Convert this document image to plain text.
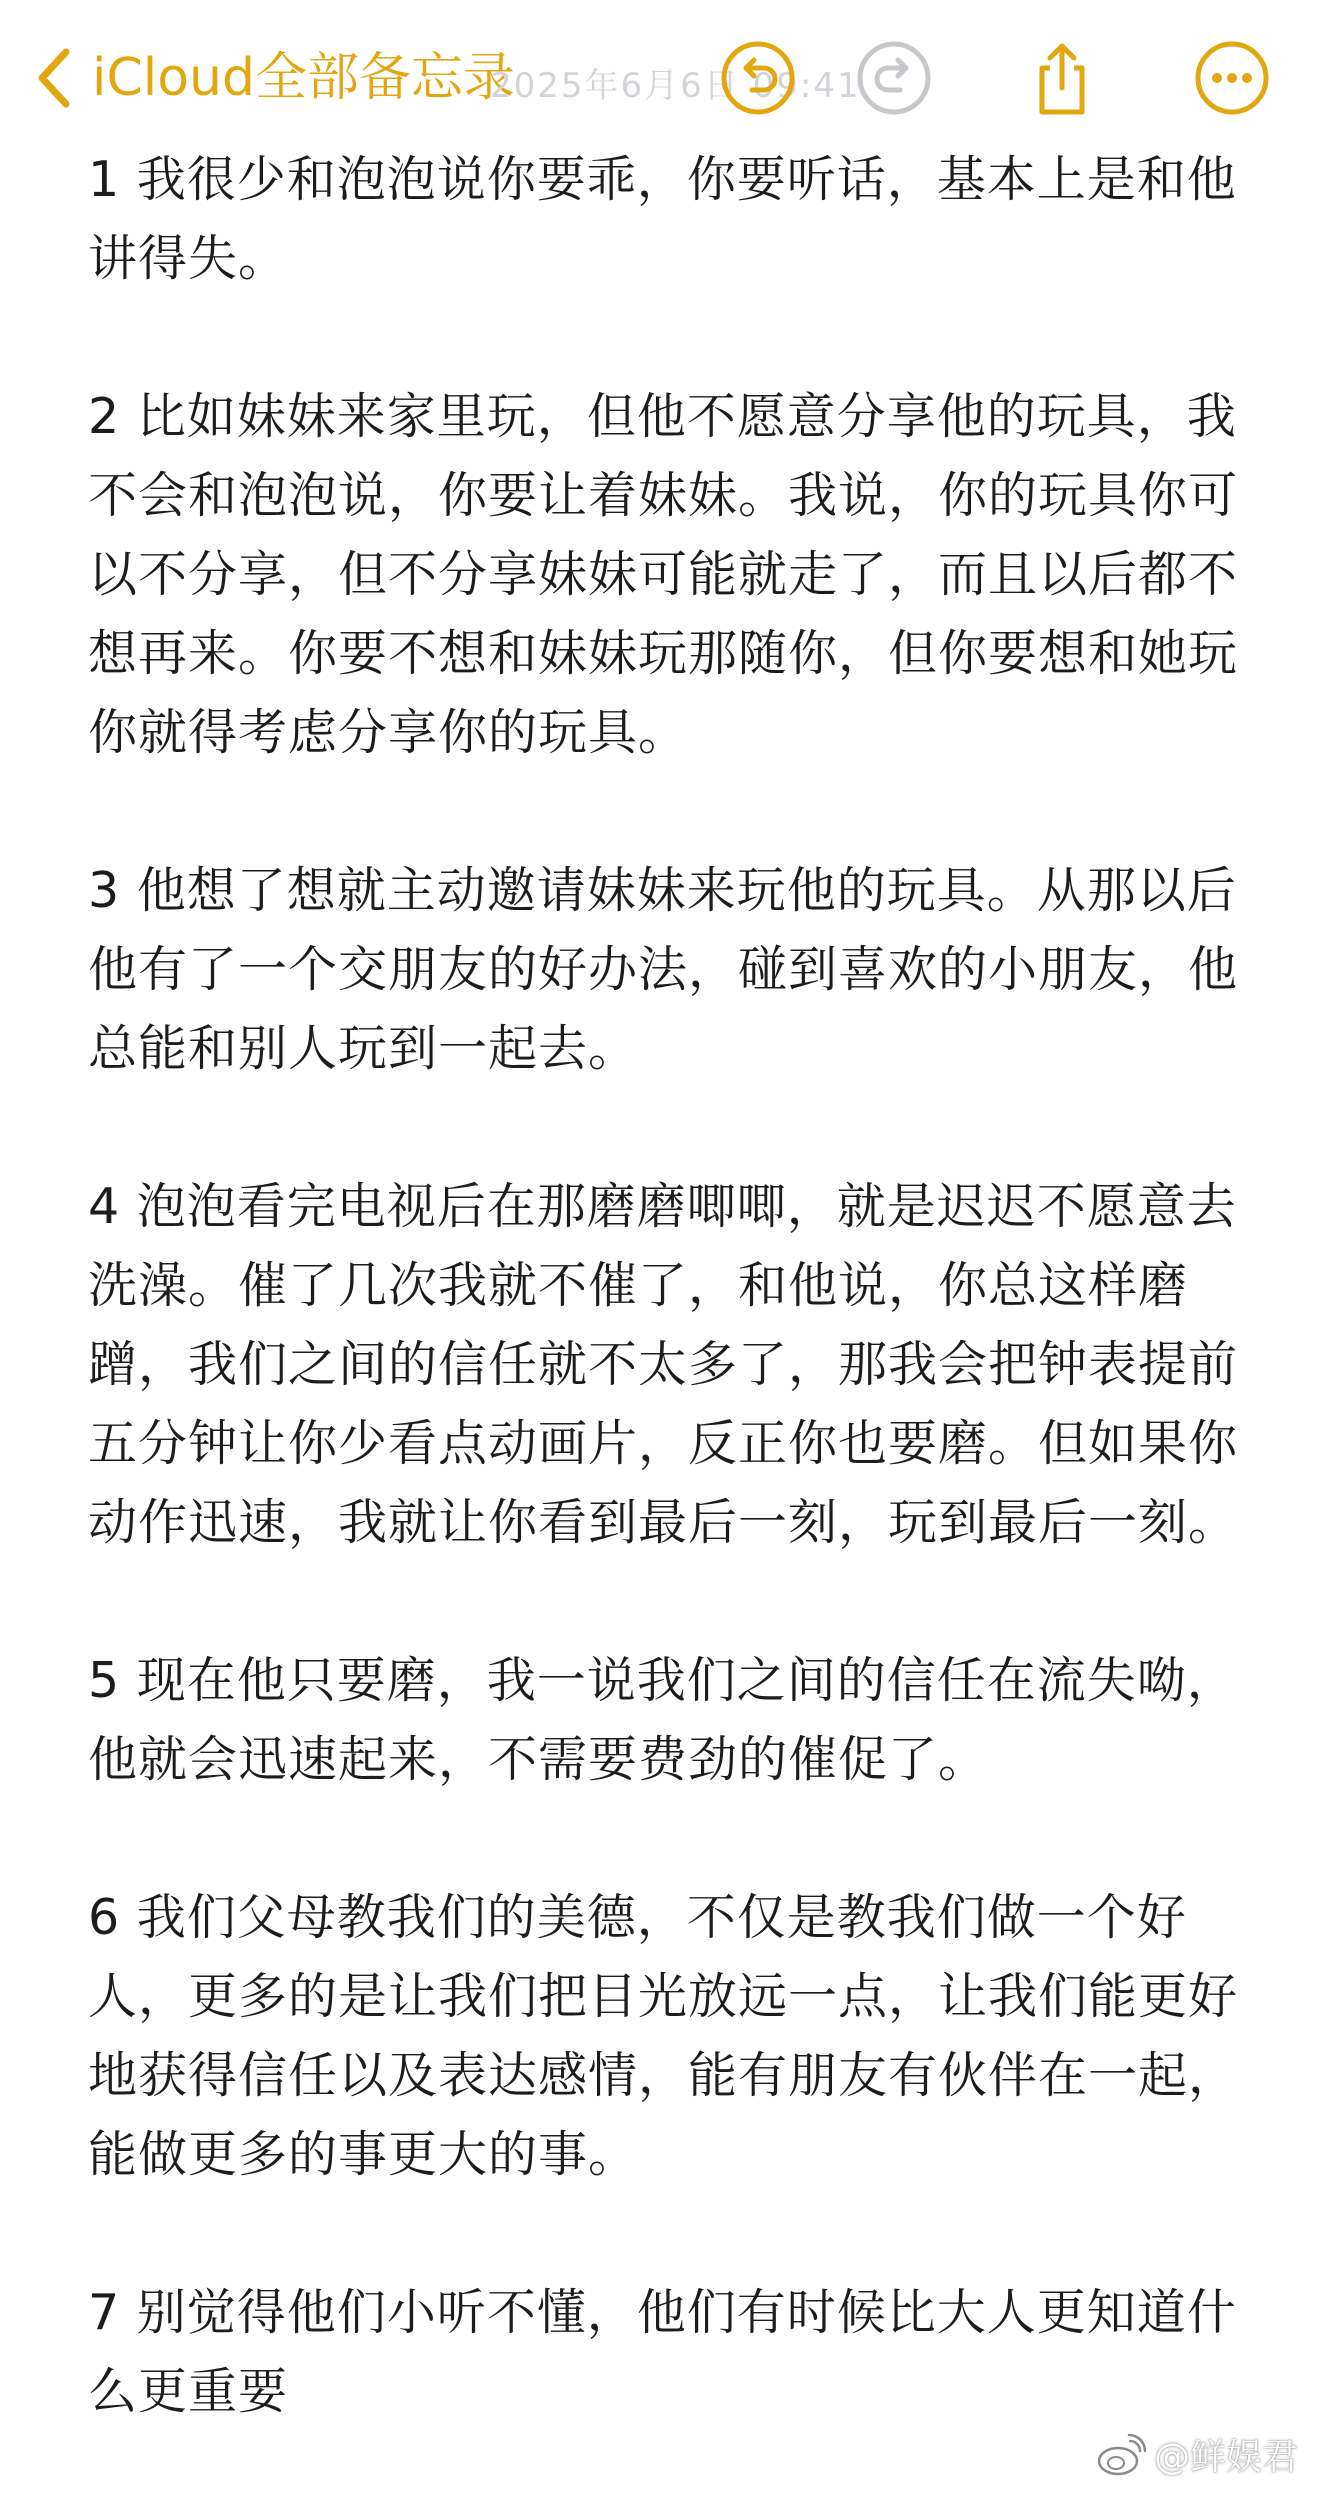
iCloud全部备忘录
2025年6月6日 09:41

1 我很少和泡泡说你要乖，你要听话，基本上是和他讲得失。

2 比如妹妹来家里玩，但他不愿意分享他的玩具，我不会和泡泡说，你要让着妹妹。我说，你的玩具你可以不分享，但不分享妹妹可能就走了，而且以后都不想再来。你要不想和妹妹玩那随你，但你要想和她玩你就得考虑分享你的玩具。

3 他想了想就主动邀请妹妹来玩他的玩具。从那以后他有了一个交朋友的好办法，碰到喜欢的小朋友，他总能和别人玩到一起去。

4 泡泡看完电视后在那磨磨唧唧，就是迟迟不愿意去洗澡。催了几次我就不催了，和他说，你总这样磨蹭，我们之间的信任就不太多了，那我会把钟表提前五分钟让你少看点动画片，反正你也要磨。但如果你动作迅速，我就让你看到最后一刻，玩到最后一刻。

5 现在他只要磨，我一说我们之间的信任在流失呦，他就会迅速起来，不需要费劲的催促了。

6 我们父母教我们的美德，不仅是教我们做一个好人，更多的是让我们把目光放远一点，让我们能更好地获得信任以及表达感情，能有朋友有伙伴在一起，能做更多的事更大的事。

7 别觉得他们小听不懂，他们有时候比大人更知道什么更重要

@鲜娱君
